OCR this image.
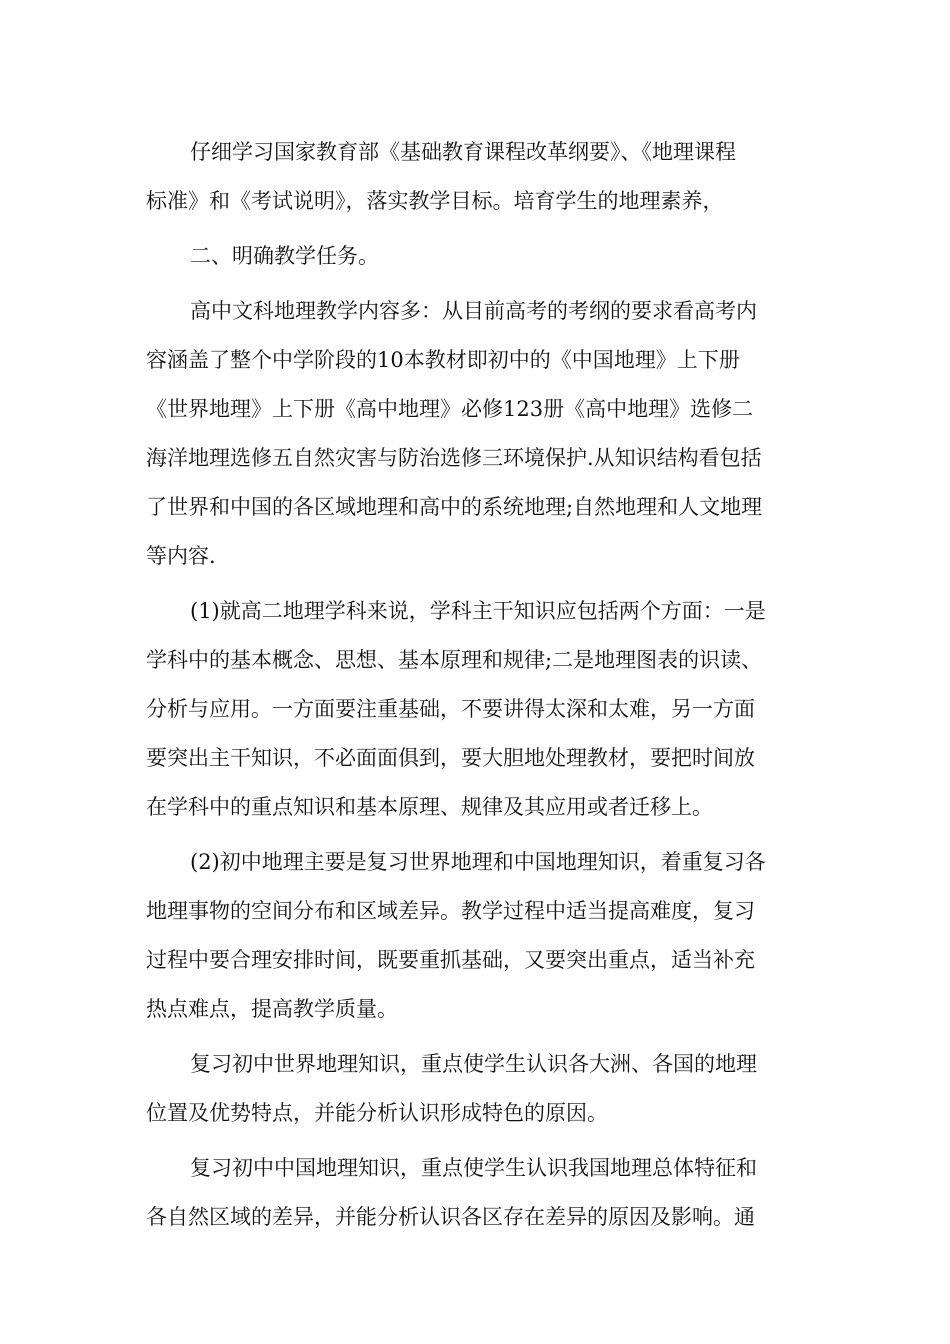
仔细学习国家教育部《基础教育课程改革纲要》、《地理课程
标准》和《考试说明》，落实教学目标。培育学生的地理素养，
二、明确教学任务。
高中文科地理教学内容多：从目前高考的考纲的要求看高考内
容涵盖了整个中学阶段的10本教材即初中的《中国地理》上下册
《世界地理》上下册《高中地理》必修123册《高中地理》选修二
海洋地理选修五自然灾害与防治选修三环境保护.从知识结构看包括
了世界和中国的各区域地理和高中的系统地理;自然地理和人文地理
等内容.
(1)就高二地理学科来说，学科主干知识应包括两个方面：一是
学科中的基本概念、思想、基本原理和规律;二是地理图表的识读、
分析与应用。一方面要注重基础，不要讲得太深和太难，另一方面
要突出主干知识，不必面面俱到，要大胆地处理教材，要把时间放
在学科中的重点知识和基本原理、规律及其应用或者迁移上。
(2)初中地理主要是复习世界地理和中国地理知识，着重复习各
地理事物的空间分布和区域差异。教学过程中适当提高难度，复习
过程中要合理安排时间，既要重抓基础，又要突出重点，适当补充
热点难点，提高教学质量。
复习初中世界地理知识，重点使学生认识各大洲、各国的地理
位置及优势特点，并能分析认识形成特色的原因。
复习初中中国地理知识，重点使学生认识我国地理总体特征和
各自然区域的差异，并能分析认识各区存在差异的原因及影响。通
